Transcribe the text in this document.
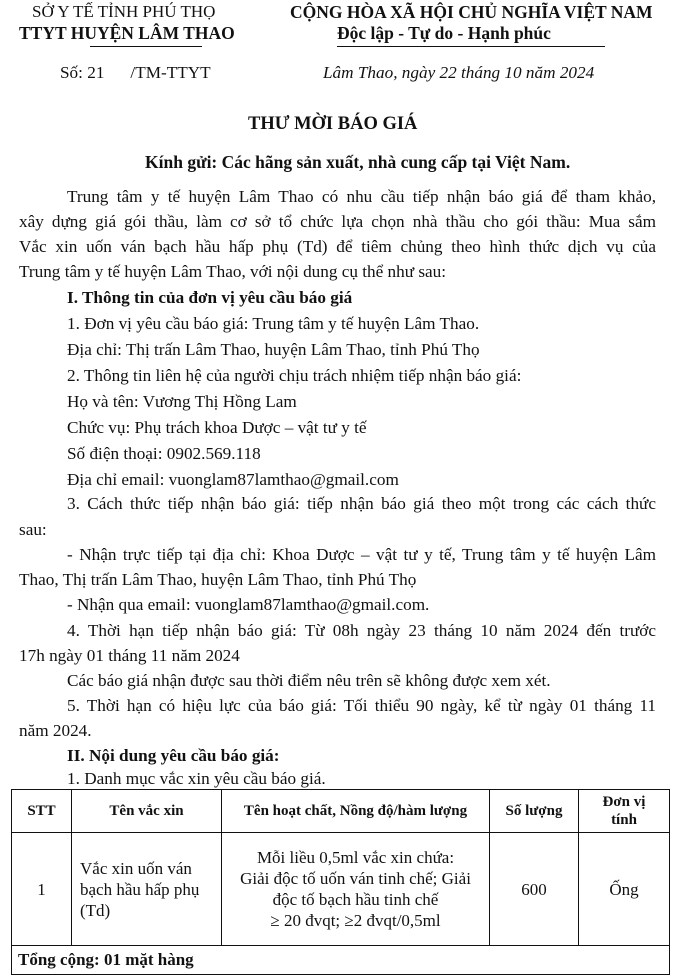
SỞ Y TẾ TỈNH PHÚ THỌ
TTYT HUYỆN LÂM THAO
CỘNG HÒA XÃ HỘI CHỦ NGHĨA VIỆT NAM
Độc lập - Tự do - Hạnh phúc
Số: 21 /TM-TTYT	Lâm Thao, ngày 22 tháng 10 năm 2024
THƯ MỜI BÁO GIÁ
Kính gửi: Các hãng sản xuất, nhà cung cấp tại Việt Nam.
Trung tâm y tế huyện Lâm Thao có nhu cầu tiếp nhận báo giá để tham khảo,
xây dựng giá gói thầu, làm cơ sở tổ chức lựa chọn nhà thầu cho gói thầu: Mua sắm
Vắc xin uốn ván bạch hầu hấp phụ (Td) để tiêm chủng theo hình thức dịch vụ của
Trung tâm y tế huyện Lâm Thao, với nội dung cụ thể như sau:
I. Thông tin của đơn vị yêu cầu báo giá
1. Đơn vị yêu cầu báo giá: Trung tâm y tế huyện Lâm Thao.
Địa chỉ: Thị trấn Lâm Thao, huyện Lâm Thao, tỉnh Phú Thọ
2. Thông tin liên hệ của người chịu trách nhiệm tiếp nhận báo giá:
Họ và tên: Vương Thị Hồng Lam
Chức vụ: Phụ trách khoa Dược – vật tư y tế
Số điện thoại: 0902.569.118
Địa chỉ email: vuonglam87lamthao@gmail.com
3. Cách thức tiếp nhận báo giá: tiếp nhận báo giá theo một trong các cách thức
sau:
- Nhận trực tiếp tại địa chỉ: Khoa Dược – vật tư y tế, Trung tâm y tế huyện Lâm
Thao, Thị trấn Lâm Thao, huyện Lâm Thao, tỉnh Phú Thọ
- Nhận qua email: vuonglam87lamthao@gmail.com.
4. Thời hạn tiếp nhận báo giá: Từ 08h ngày 23 tháng 10 năm 2024 đến trước
17h ngày 01 tháng 11 năm 2024
Các báo giá nhận được sau thời điểm nêu trên sẽ không được xem xét.
5. Thời hạn có hiệu lực của báo giá: Tối thiểu 90 ngày, kể từ ngày 01 tháng 11
năm 2024.
II. Nội dung yêu cầu báo giá:
1. Danh mục vắc xin yêu cầu báo giá.
STT	Tên vắc xin	Tên hoạt chất, Nồng độ/hàm lượng	Số lượng	Đơn vị
tính
1	Vắc xin uốn ván
bạch hầu hấp phụ
(Td)	Mỗi liều 0,5ml vắc xin chứa:
Giải độc tố uốn ván tinh chế; Giải
độc tố bạch hầu tinh chế
≥ 20 đvqt; ≥2 đvqt/0,5ml	600	Ống
Tổng cộng: 01 mặt hàng				
